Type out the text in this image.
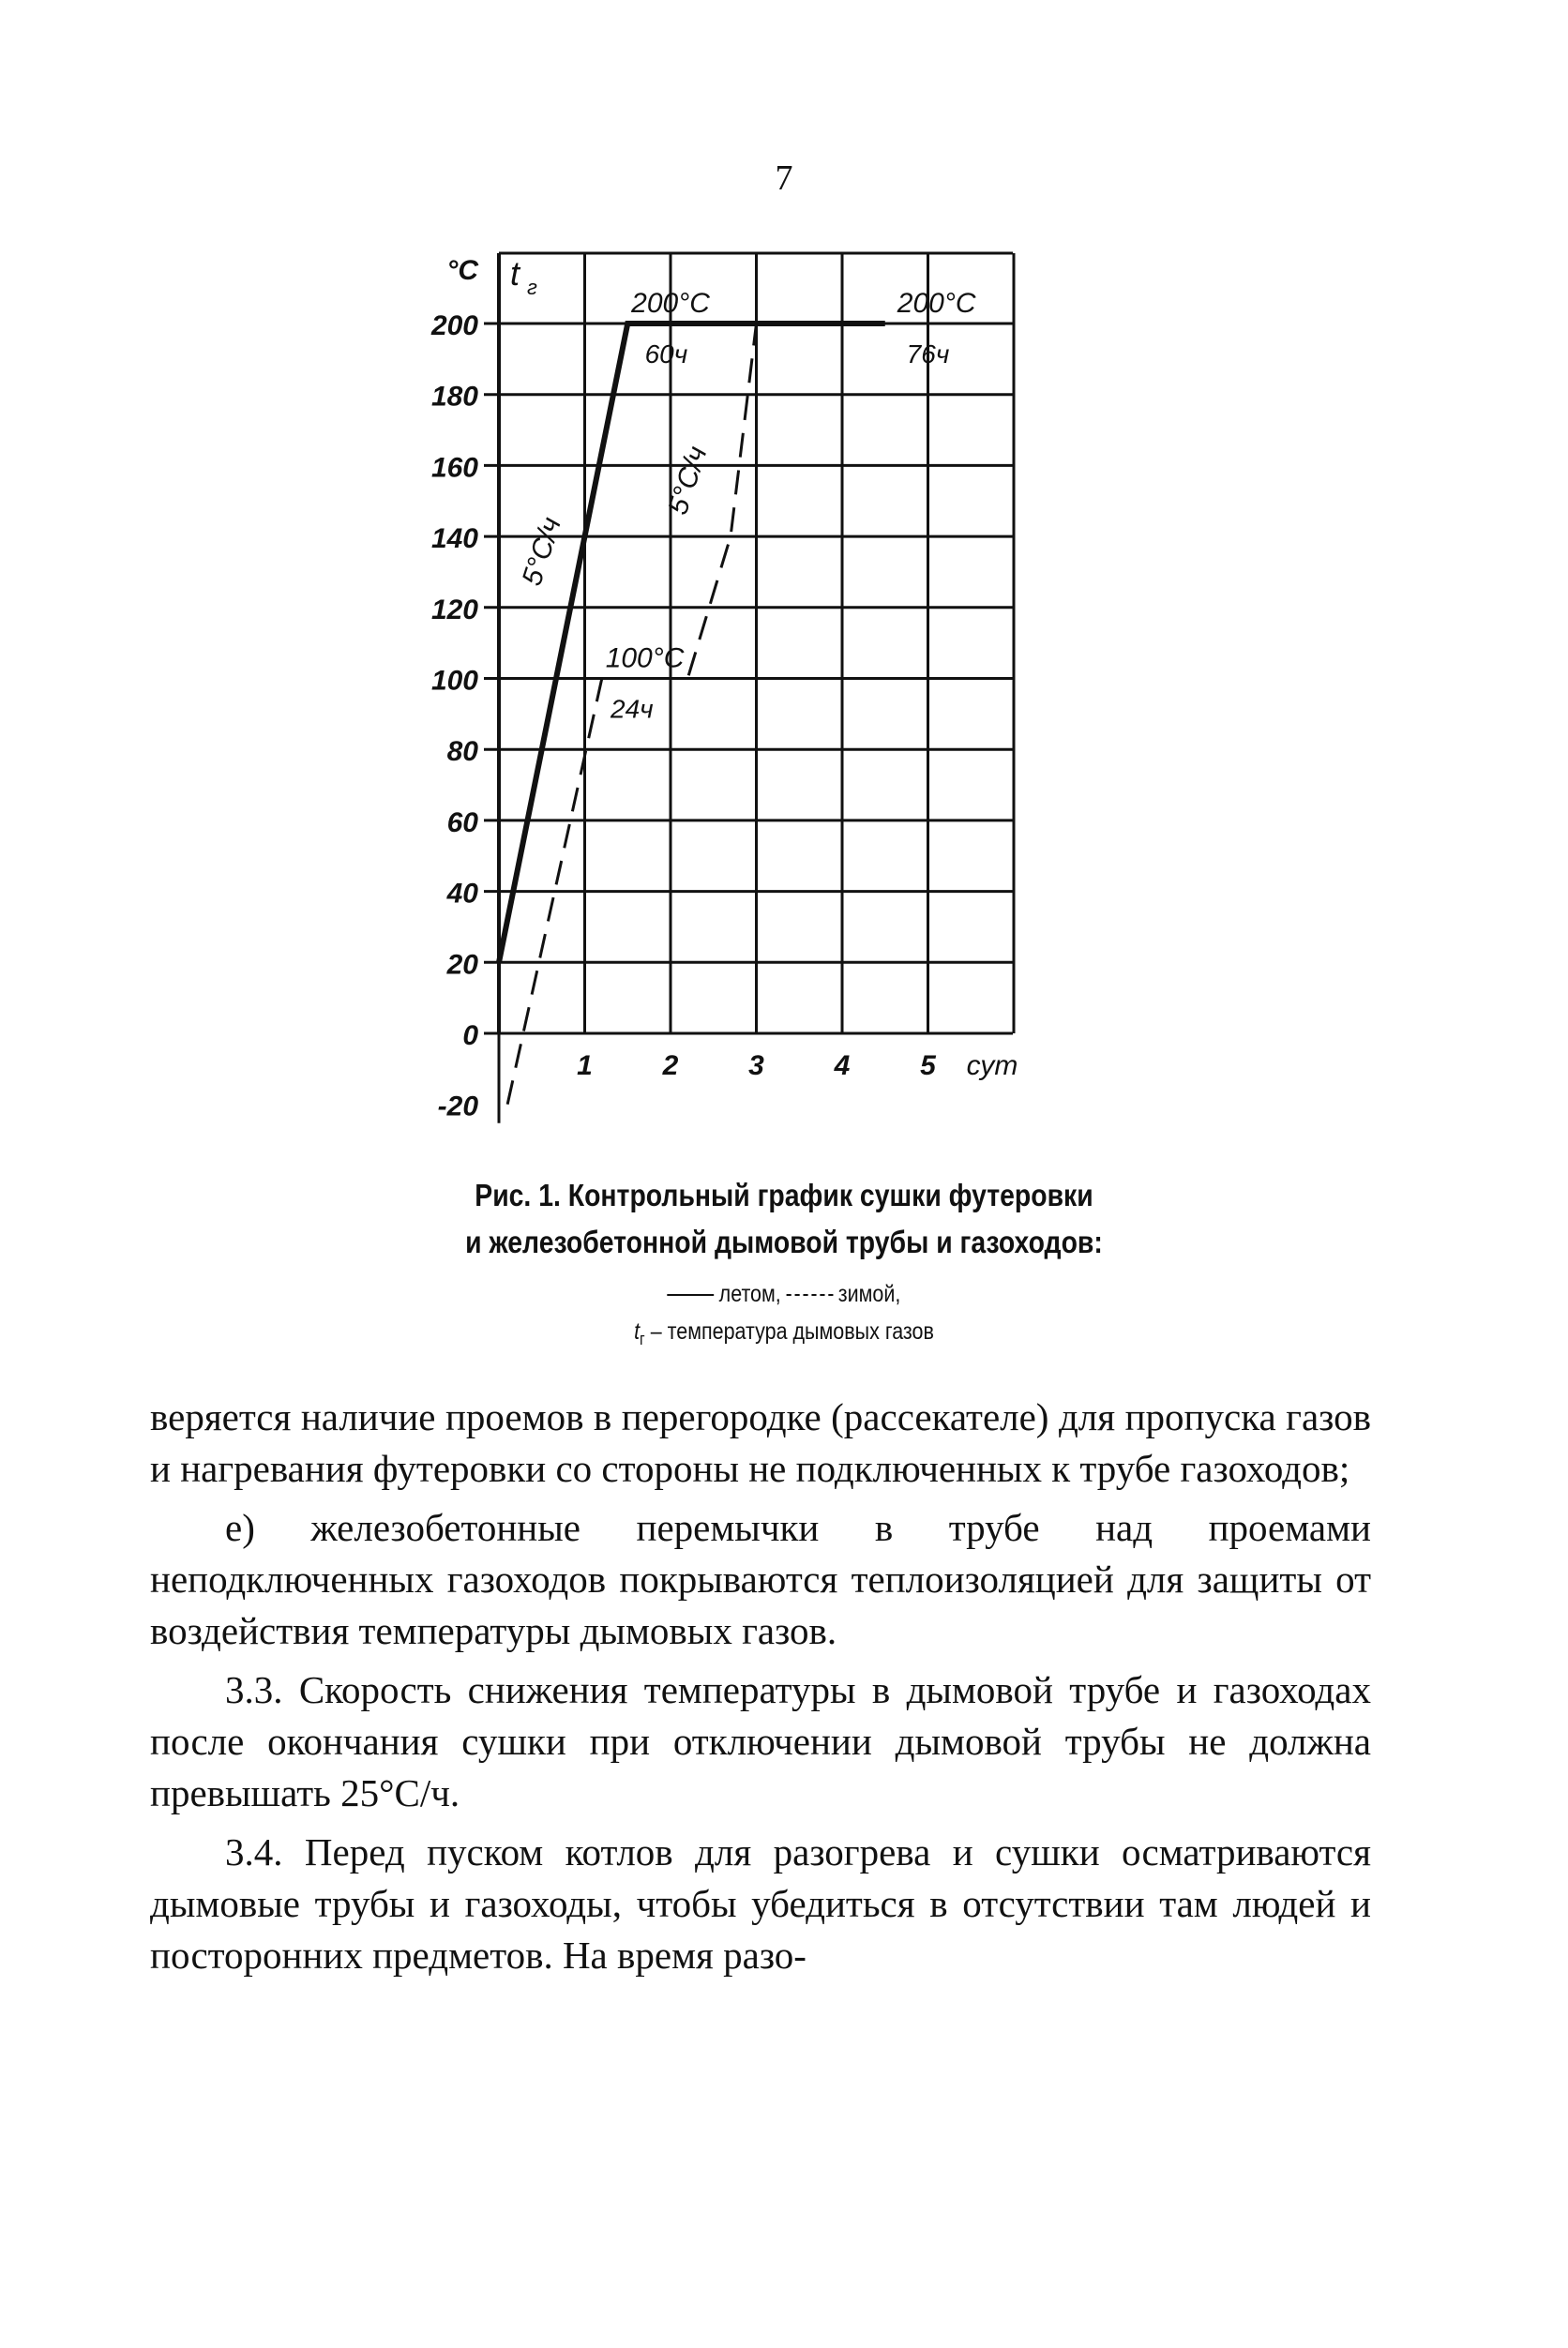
7
200
180
160
140
120
100
80
60
40
20
0
-20
°C t г
1 2 3 4 5 сут
200°C
60ч
200°C
76ч
100°C
24ч
5°C/ч
5°C/ч
Рис. 1. Контрольный график сушки футеровки
и железобетонной дымовой трубы и газоходов:
летом, зимой,
$t_г$ – температура дымовых газов

веряется наличие проемов в перегородке (рассекателе) для пропуска газов и нагревания футеровки со стороны не подключенных к трубе газоходов;

е) железобетонные перемычки в трубе над проемами неподключенных газоходов покрываются теплоизоляцией для защиты от воздействия температуры дымовых газов.

3.3. Скорость снижения температуры в дымовой трубе и газоходах после окончания сушки при отключении дымовой трубы не должна превышать 25°С/ч.

3.4. Перед пуском котлов для разогрева и сушки осматриваются дымовые трубы и газоходы, чтобы убедиться в отсутствии там людей и посторонних предметов. На время разо-
